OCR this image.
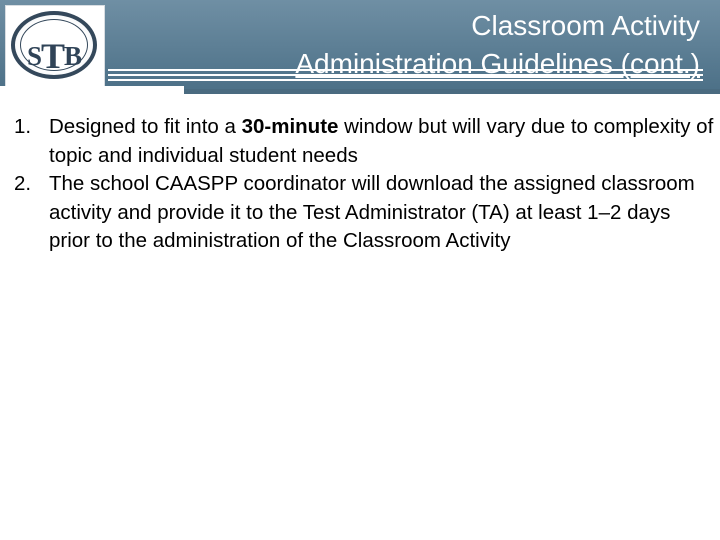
STB
Classroom Activity
Administration Guidelines (cont.)
1. Designed to fit into a 30-minute window but will vary due to complexity of topic and individual student needs
2. The school CAASPP coordinator will download the assigned classroom activity and provide it to the Test Administrator (TA) at least 1–2 days prior to the administration of the Classroom Activity
